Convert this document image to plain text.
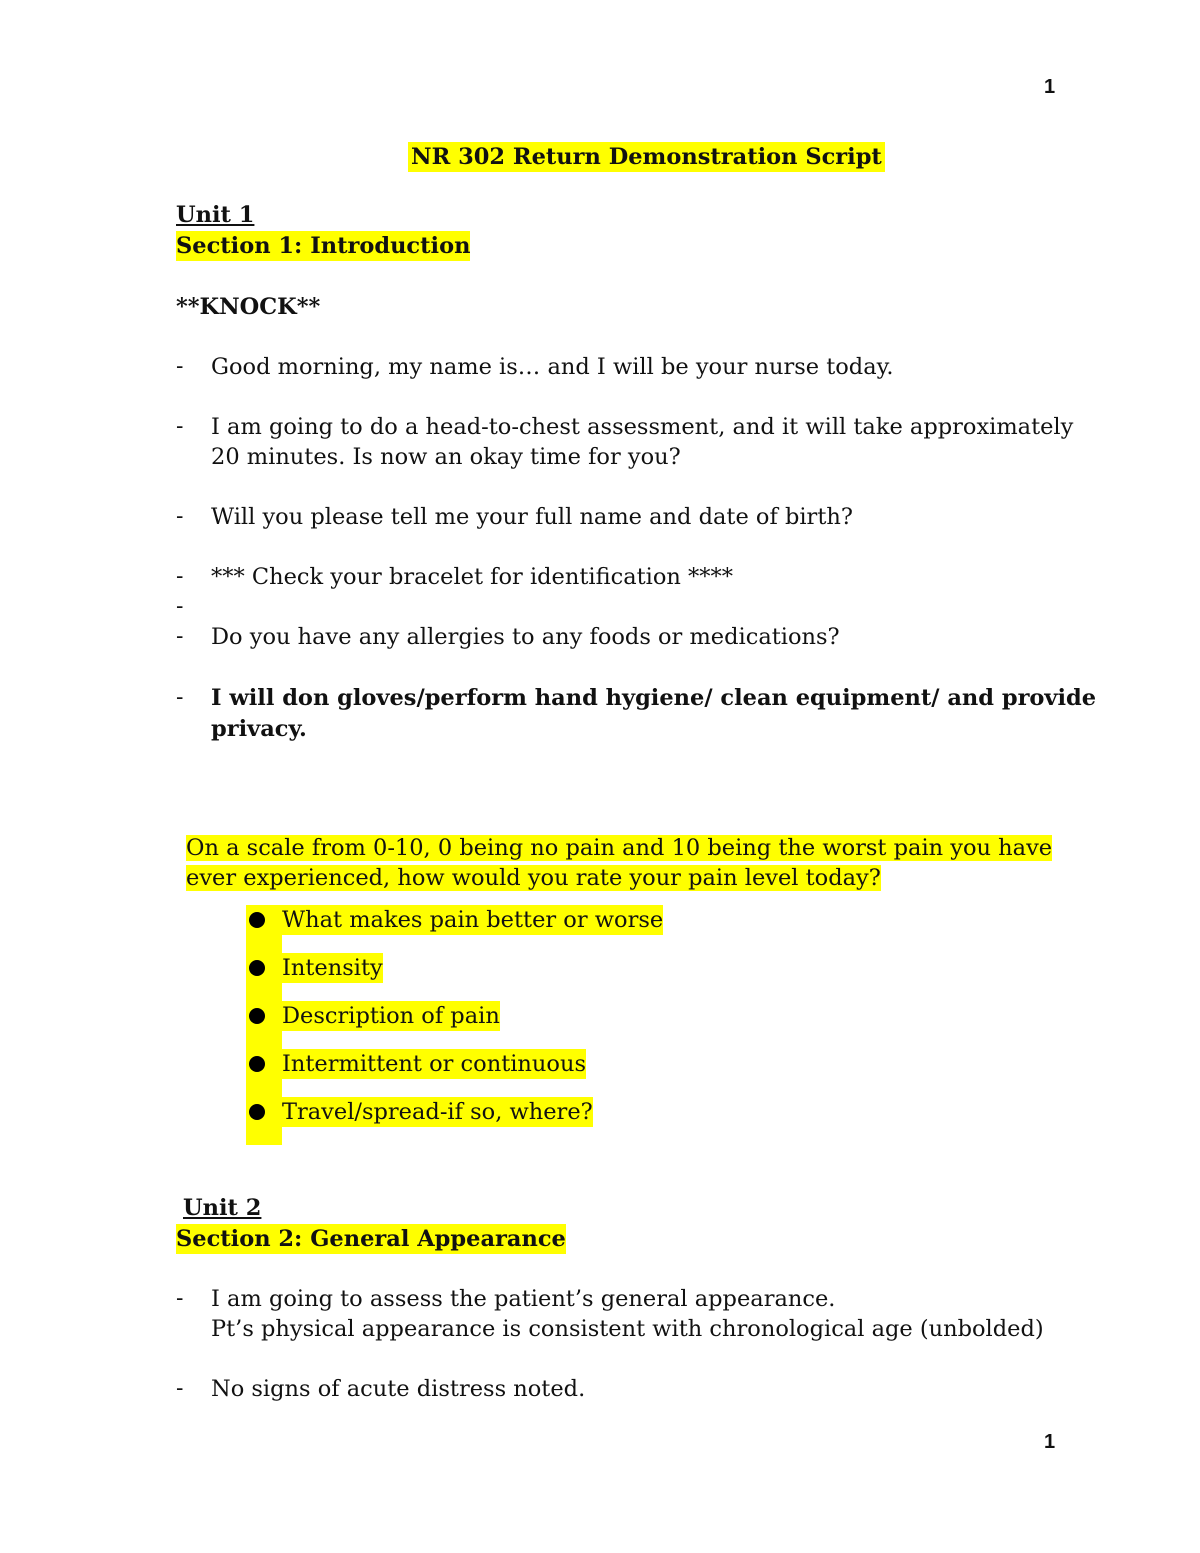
1
NR 302 Return Demonstration Script
Unit 1
Section 1: Introduction
**KNOCK**
- Good morning, my name is… and I will be your nurse today.
- I am going to do a head-to-chest assessment, and it will take approximately
20 minutes. Is now an okay time for you?
- Will you please tell me your full name and date of birth?
- *** Check your bracelet for identification ****
-
- Do you have any allergies to any foods or medications?
- I will don gloves/perform hand hygiene/ clean equipment/ and provide
privacy.
On a scale from 0-10, 0 being no pain and 10 being the worst pain you have
ever experienced, how would you rate your pain level today?
What makes pain better or worse
Intensity
Description of pain
Intermittent or continuous
Travel/spread-if so, where?
Unit 2
Section 2: General Appearance
- I am going to assess the patient’s general appearance.
Pt’s physical appearance is consistent with chronological age (unbolded)
- No signs of acute distress noted.
1
